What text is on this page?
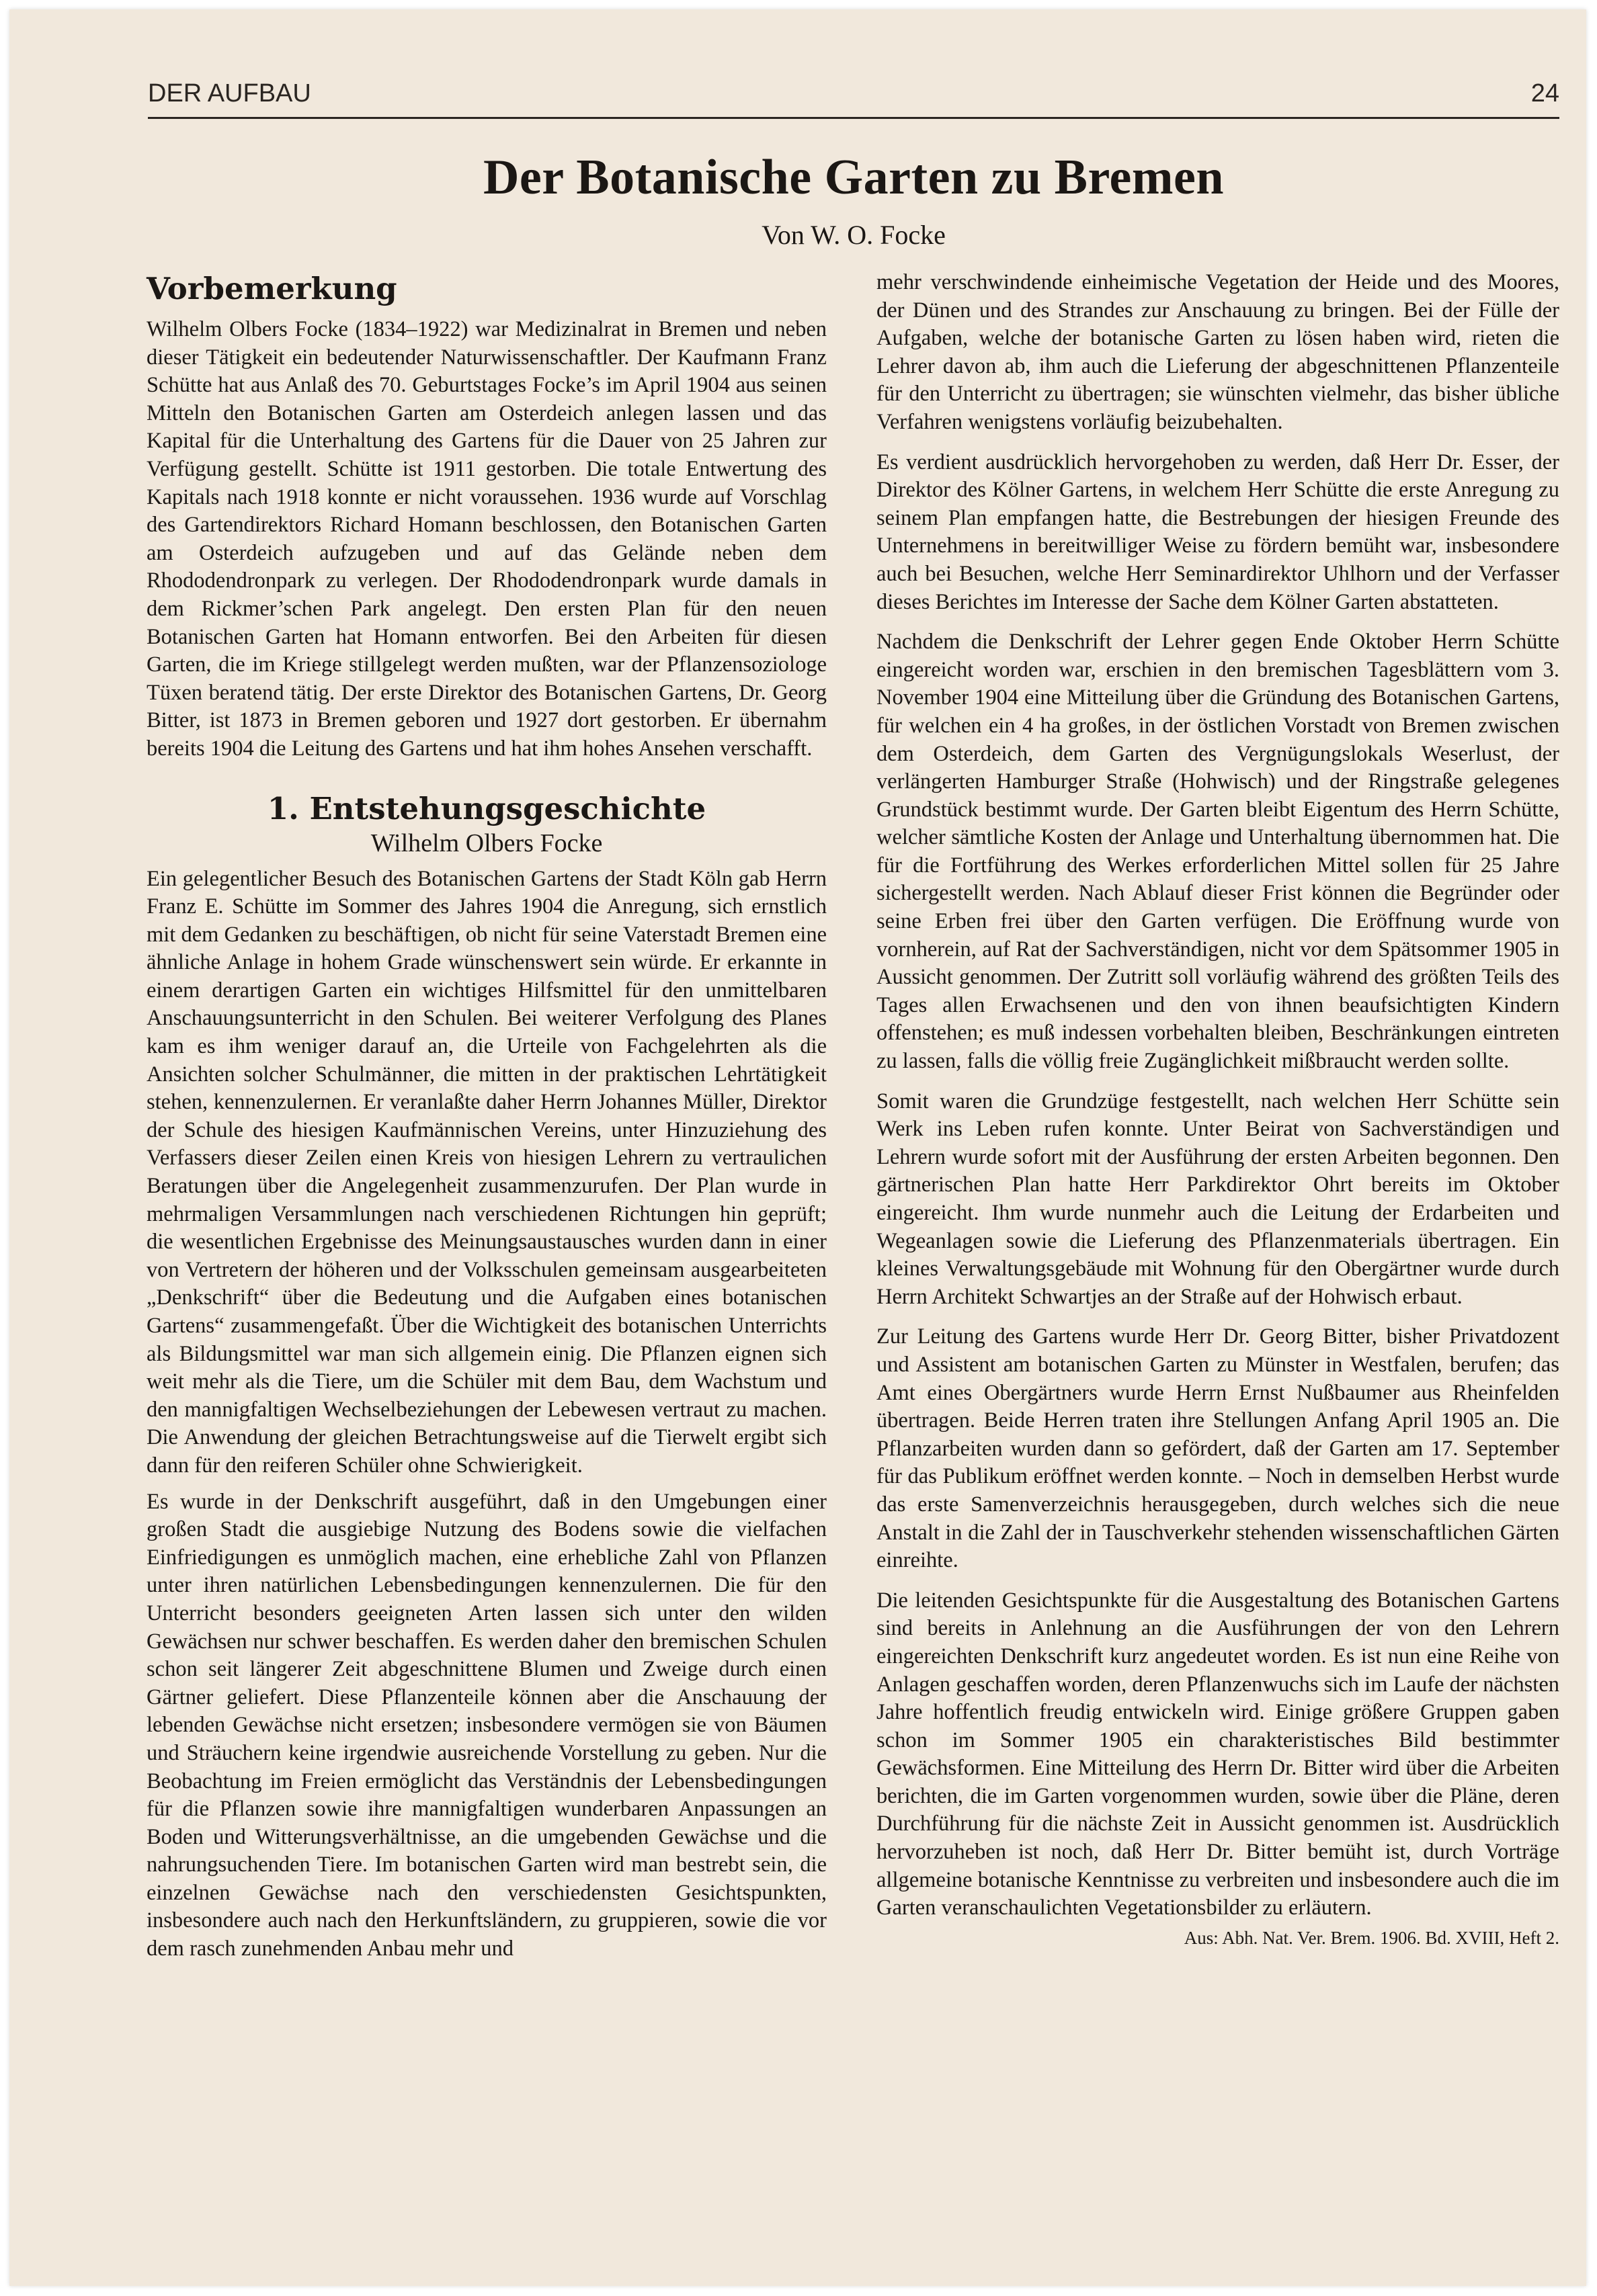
DER AUFBAU	24
Der Botanische Garten zu Bremen
Von W. O. Focke
Vorbemerkung

Wilhelm Olbers Focke (1834–1922) war Medizinalrat in Bremen und neben dieser Tätigkeit ein bedeutender Naturwissenschaftler. Der Kaufmann Franz Schütte hat aus Anlaß des 70. Geburtstages Focke’s im April 1904 aus seinen Mitteln den Botanischen Garten am Osterdeich anlegen lassen und das Kapital für die Unterhaltung des Gartens für die Dauer von 25 Jahren zur Verfügung gestellt. Schütte ist 1911 gestorben. Die totale Entwertung des Kapitals nach 1918 konnte er nicht voraussehen. 1936 wurde auf Vorschlag des Gartendirektors Richard Homann beschlossen, den Botanischen Garten am Osterdeich aufzugeben und auf das Gelände neben dem Rhododendronpark zu verlegen. Der Rhododendronpark wurde damals in dem Rickmer’schen Park angelegt. Den ersten Plan für den neuen Botanischen Garten hat Homann entworfen. Bei den Arbeiten für diesen Garten, die im Kriege stillgelegt werden mußten, war der Pflanzensoziologe Tüxen beratend tätig. Der erste Direktor des Botanischen Gartens, Dr. Georg Bitter, ist 1873 in Bremen geboren und 1927 dort gestorben. Er übernahm bereits 1904 die Leitung des Gartens und hat ihm hohes Ansehen verschafft.

1. Entstehungsgeschichte
Wilhelm Olbers Focke

Ein gelegentlicher Besuch des Botanischen Gartens der Stadt Köln gab Herrn Franz E. Schütte im Sommer des Jahres 1904 die Anregung, sich ernstlich mit dem Gedanken zu beschäftigen, ob nicht für seine Vaterstadt Bremen eine ähnliche Anlage in hohem Grade wünschenswert sein würde. Er erkannte in einem derartigen Garten ein wichtiges Hilfsmittel für den unmittelbaren Anschauungsunterricht in den Schulen. Bei weiterer Verfolgung des Planes kam es ihm weniger darauf an, die Urteile von Fachgelehrten als die Ansichten solcher Schulmänner, die mitten in der praktischen Lehrtätigkeit stehen, kennenzulernen. Er veranlaßte daher Herrn Johannes Müller, Direktor der Schule des hiesigen Kaufmännischen Vereins, unter Hinzuziehung des Verfassers dieser Zeilen einen Kreis von hiesigen Lehrern zu vertraulichen Beratungen über die Angelegenheit zusammenzurufen. Der Plan wurde in mehrmaligen Versammlungen nach verschiedenen Richtungen hin geprüft; die wesentlichen Ergebnisse des Meinungsaustausches wurden dann in einer von Vertretern der höheren und der Volksschulen gemeinsam ausgearbeiteten „Denkschrift“ über die Bedeutung und die Aufgaben eines botanischen Gartens“ zusammengefaßt. Über die Wichtigkeit des botanischen Unterrichts als Bildungsmittel war man sich allgemein einig. Die Pflanzen eignen sich weit mehr als die Tiere, um die Schüler mit dem Bau, dem Wachstum und den mannigfaltigen Wechselbeziehungen der Lebewesen vertraut zu machen. Die Anwendung der gleichen Betrachtungsweise auf die Tierwelt ergibt sich dann für den reiferen Schüler ohne Schwierigkeit.

Es wurde in der Denkschrift ausgeführt, daß in den Umgebungen einer großen Stadt die ausgiebige Nutzung des Bodens sowie die vielfachen Einfriedigungen es unmöglich machen, eine erhebliche Zahl von Pflanzen unter ihren natürlichen Lebensbedingungen kennenzulernen. Die für den Unterricht besonders geeigneten Arten lassen sich unter den wilden Gewächsen nur schwer beschaffen. Es werden daher den bremischen Schulen schon seit längerer Zeit abgeschnittene Blumen und Zweige durch einen Gärtner geliefert. Diese Pflanzenteile können aber die Anschauung der lebenden Gewächse nicht ersetzen; insbesondere vermögen sie von Bäumen und Sträuchern keine irgendwie ausreichende Vorstellung zu geben. Nur die Beobachtung im Freien ermöglicht das Verständnis der Lebensbedingungen für die Pflanzen sowie ihre mannigfaltigen wunderbaren Anpassungen an Boden und Witterungsverhältnisse, an die umgebenden Gewächse und die nahrungsuchenden Tiere. Im botanischen Garten wird man bestrebt sein, die einzelnen Gewächse nach den verschiedensten Gesichtspunkten, insbesondere auch nach den Herkunftsländern, zu gruppieren, sowie die vor dem rasch zunehmenden Anbau mehr und

mehr verschwindende einheimische Vegetation der Heide und des Moores, der Dünen und des Strandes zur Anschauung zu bringen. Bei der Fülle der Aufgaben, welche der botanische Garten zu lösen haben wird, rieten die Lehrer davon ab, ihm auch die Lieferung der abgeschnittenen Pflanzenteile für den Unterricht zu übertragen; sie wünschten vielmehr, das bisher übliche Verfahren wenigstens vorläufig beizubehalten.

Es verdient ausdrücklich hervorgehoben zu werden, daß Herr Dr. Esser, der Direktor des Kölner Gartens, in welchem Herr Schütte die erste Anregung zu seinem Plan empfangen hatte, die Bestrebungen der hiesigen Freunde des Unternehmens in bereitwilliger Weise zu fördern bemüht war, insbesondere auch bei Besuchen, welche Herr Seminardirektor Uhlhorn und der Verfasser dieses Berichtes im Interesse der Sache dem Kölner Garten abstatteten.

Nachdem die Denkschrift der Lehrer gegen Ende Oktober Herrn Schütte eingereicht worden war, erschien in den bremischen Tagesblättern vom 3. November 1904 eine Mitteilung über die Gründung des Botanischen Gartens, für welchen ein 4 ha großes, in der östlichen Vorstadt von Bremen zwischen dem Osterdeich, dem Garten des Vergnügungslokals Weserlust, der verlängerten Hamburger Straße (Hohwisch) und der Ringstraße gelegenes Grundstück bestimmt wurde. Der Garten bleibt Eigentum des Herrn Schütte, welcher sämtliche Kosten der Anlage und Unterhaltung übernommen hat. Die für die Fortführung des Werkes erforderlichen Mittel sollen für 25 Jahre sichergestellt werden. Nach Ablauf dieser Frist können die Begründer oder seine Erben frei über den Garten verfügen. Die Eröffnung wurde von vornherein, auf Rat der Sachverständigen, nicht vor dem Spätsommer 1905 in Aussicht genommen. Der Zutritt soll vorläufig während des größten Teils des Tages allen Erwachsenen und den von ihnen beaufsichtigten Kindern offenstehen; es muß indessen vorbehalten bleiben, Beschränkungen eintreten zu lassen, falls die völlig freie Zugänglichkeit mißbraucht werden sollte.

Somit waren die Grundzüge festgestellt, nach welchen Herr Schütte sein Werk ins Leben rufen konnte. Unter Beirat von Sachverständigen und Lehrern wurde sofort mit der Ausführung der ersten Arbeiten begonnen. Den gärtnerischen Plan hatte Herr Parkdirektor Ohrt bereits im Oktober eingereicht. Ihm wurde nunmehr auch die Leitung der Erdarbeiten und Wegeanlagen sowie die Lieferung des Pflanzenmaterials übertragen. Ein kleines Verwaltungsgebäude mit Wohnung für den Obergärtner wurde durch Herrn Architekt Schwartjes an der Straße auf der Hohwisch erbaut.

Zur Leitung des Gartens wurde Herr Dr. Georg Bitter, bisher Privatdozent und Assistent am botanischen Garten zu Münster in Westfalen, berufen; das Amt eines Obergärtners wurde Herrn Ernst Nußbaumer aus Rheinfelden übertragen. Beide Herren traten ihre Stellungen Anfang April 1905 an. Die Pflanzarbeiten wurden dann so gefördert, daß der Garten am 17. September für das Publikum eröffnet werden konnte. – Noch in demselben Herbst wurde das erste Samenverzeichnis herausgegeben, durch welches sich die neue Anstalt in die Zahl der in Tauschverkehr stehenden wissenschaftlichen Gärten einreihte.

Die leitenden Gesichtspunkte für die Ausgestaltung des Botanischen Gartens sind bereits in Anlehnung an die Ausführungen der von den Lehrern eingereichten Denkschrift kurz angedeutet worden. Es ist nun eine Reihe von Anlagen geschaffen worden, deren Pflanzenwuchs sich im Laufe der nächsten Jahre hoffentlich freudig entwickeln wird. Einige größere Gruppen gaben schon im Sommer 1905 ein charakteristisches Bild bestimmter Gewächsformen. Eine Mitteilung des Herrn Dr. Bitter wird über die Arbeiten berichten, die im Garten vorgenommen wurden, sowie über die Pläne, deren Durchführung für die nächste Zeit in Aussicht genommen ist. Ausdrücklich hervorzuheben ist noch, daß Herr Dr. Bitter bemüht ist, durch Vorträge allgemeine botanische Kenntnisse zu verbreiten und insbesondere auch die im Garten veranschaulichten Vegetationsbilder zu erläutern.

Aus: Abh. Nat. Ver. Brem. 1906. Bd. XVIII, Heft 2.
